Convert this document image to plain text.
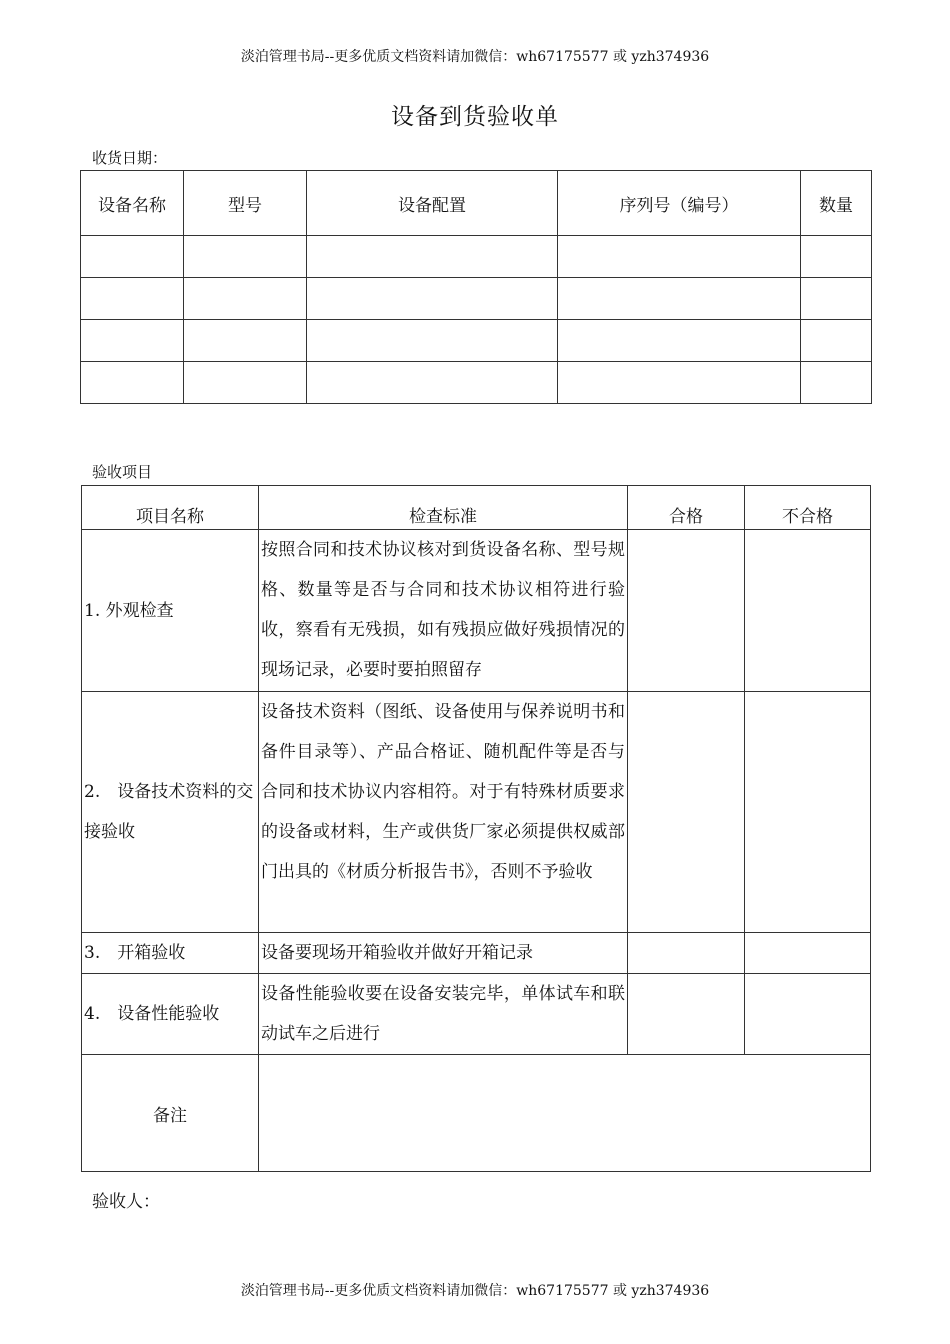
淡泊管理书局--更多优质文档资料请加微信：wh67175577 或 yzh374936
设备到货验收单
收货日期：
设备名称	型号	设备配置	序列号（编号）	数量

验收项目
项目名称	检查标准	合格	不合格
1. 外观检查	按照合同和技术协议核对到货设备名称、型号规格、数量等是否与合同和技术协议相符进行验收，察看有无残损，如有残损应做好残损情况的现场记录，必要时要拍照留存		
2.　设备技术资料的交接验收	设备技术资料（图纸、设备使用与保养说明书和备件目录等）、产品合格证、随机配件等是否与合同和技术协议内容相符。对于有特殊材质要求的设备或材料，生产或供货厂家必须提供权威部门出具的《材质分析报告书》，否则不予验收		
3.　开箱验收	设备要现场开箱验收并做好开箱记录		
4.　设备性能验收	设备性能验收要在设备安装完毕，单体试车和联动试车之后进行		
备注			
验收人：
淡泊管理书局--更多优质文档资料请加微信：wh67175577 或 yzh374936
